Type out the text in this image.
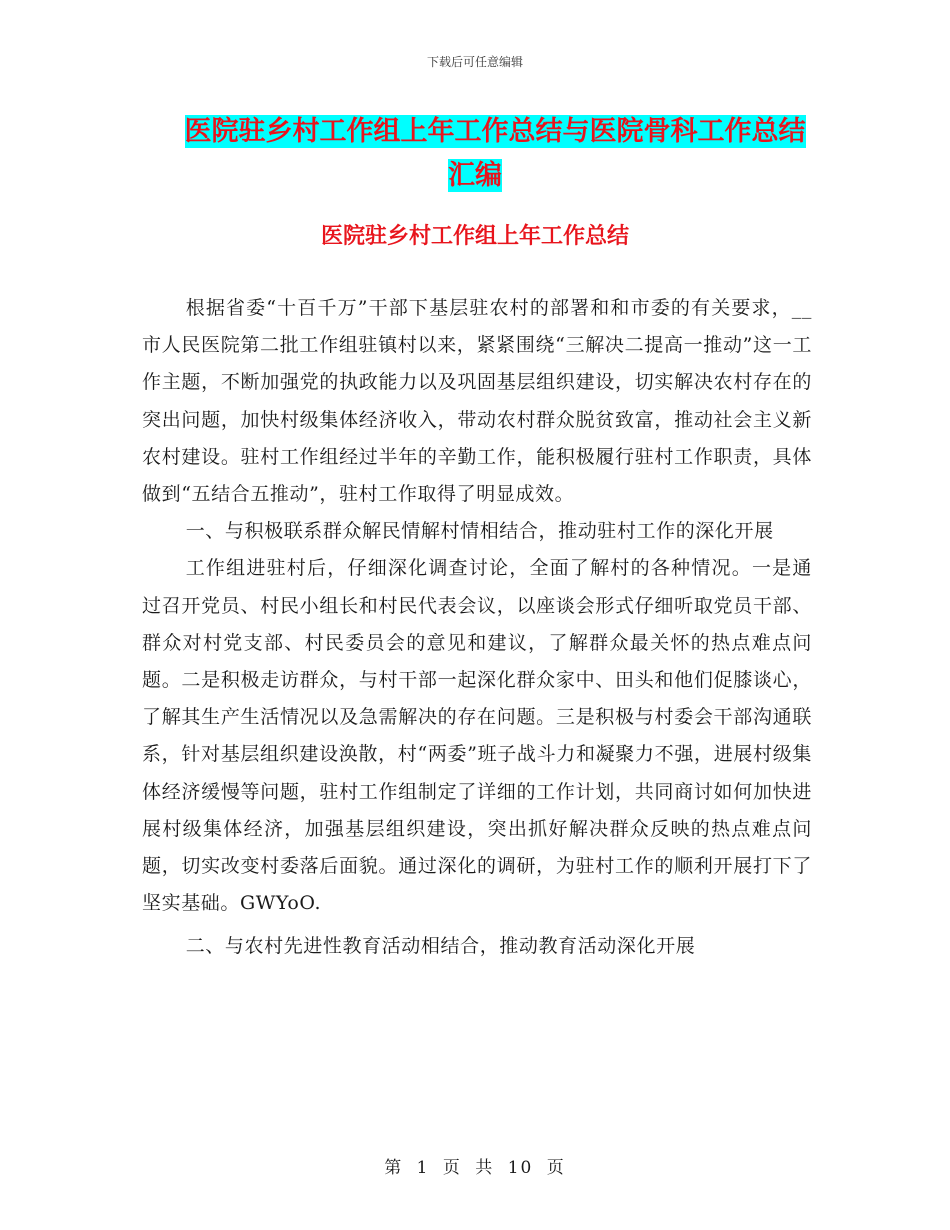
下载后可任意编辑
医院驻乡村工作组上年工作总结与医院骨科工作总结
汇编
医院驻乡村工作组上年工作总结

根据省委“十百千万”干部下基层驻农村的部署和和市委的有关要求，__市人民医院第二批工作组驻镇村以来，紧紧围绕“三解决二提高一推动”这一工作主题，不断加强党的执政能力以及巩固基层组织建设，切实解决农村存在的突出问题，加快村级集体经济收入，带动农村群众脱贫致富，推动社会主义新农村建设。驻村工作组经过半年的辛勤工作，能积极履行驻村工作职责，具体做到“五结合五推动”，驻村工作取得了明显成效。

一、与积极联系群众解民情解村情相结合，推动驻村工作的深化开展

工作组进驻村后，仔细深化调查讨论，全面了解村的各种情况。一是通过召开党员、村民小组长和村民代表会议，以座谈会形式仔细听取党员干部、群众对村党支部、村民委员会的意见和建议，了解群众最关怀的热点难点问题。二是积极走访群众，与村干部一起深化群众家中、田头和他们促膝谈心，了解其生产生活情况以及急需解决的存在问题。三是积极与村委会干部沟通联系，针对基层组织建设涣散，村“两委”班子战斗力和凝聚力不强，进展村级集体经济缓慢等问题，驻村工作组制定了详细的工作计划，共同商讨如何加快进展村级集体经济，加强基层组织建设，突出抓好解决群众反映的热点难点问题，切实改变村委落后面貌。通过深化的调研，为驻村工作的顺利开展打下了坚实基础。GWYoO.

二、与农村先进性教育活动相结合，推动教育活动深化开展

第 1 页 共 10 页
